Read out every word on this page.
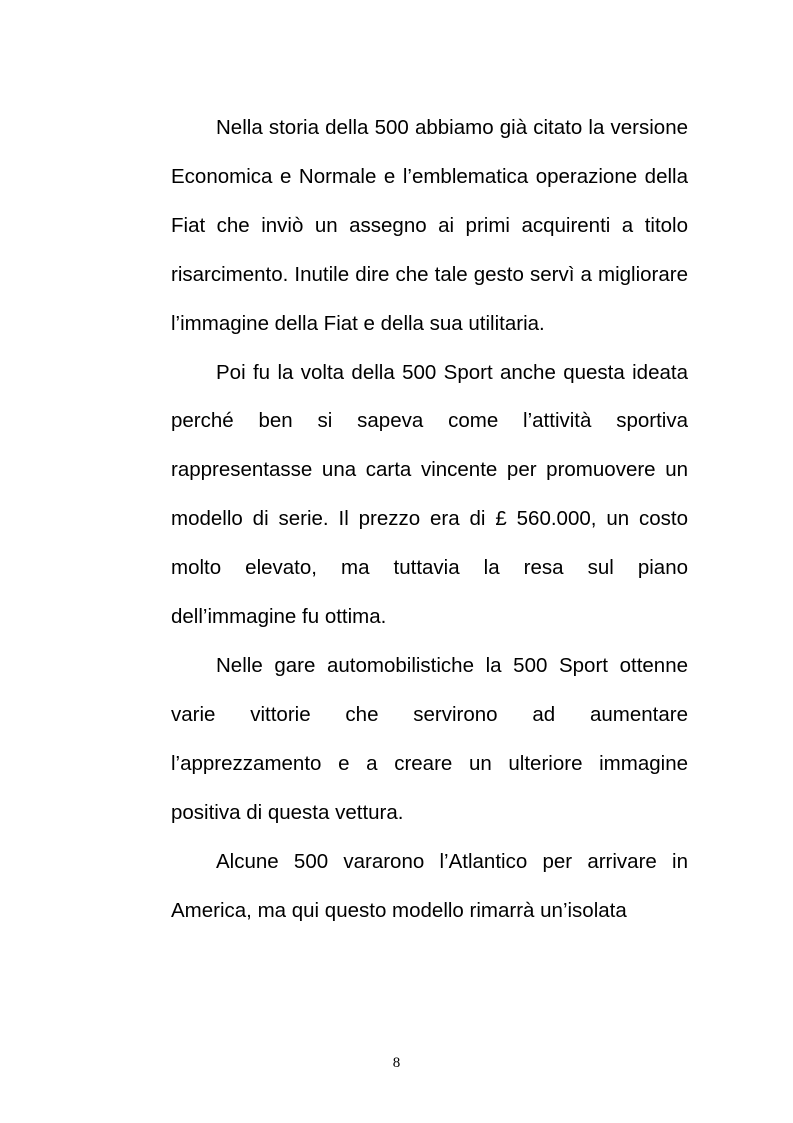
Nella storia della 500 abbiamo già citato la versione Economica e Normale e l’emblematica operazione della Fiat che inviò un assegno ai primi acquirenti a titolo risarcimento. Inutile dire che tale gesto servì a migliorare l’immagine della Fiat e della sua utilitaria.

Poi fu la volta della 500 Sport anche questa ideata perché ben si sapeva come l’attività sportiva rappresentasse una carta vincente per promuovere un modello di serie. Il prezzo era di £ 560.000, un costo molto elevato, ma tuttavia la resa sul piano dell’immagine fu ottima.

Nelle gare automobilistiche la 500 Sport ottenne varie vittorie che servirono ad aumentare l’apprezzamento e a creare un ulteriore immagine positiva di questa vettura.

Alcune 500 vararono l’Atlantico per arrivare in America, ma qui questo modello rimarrà un’isolata

8
